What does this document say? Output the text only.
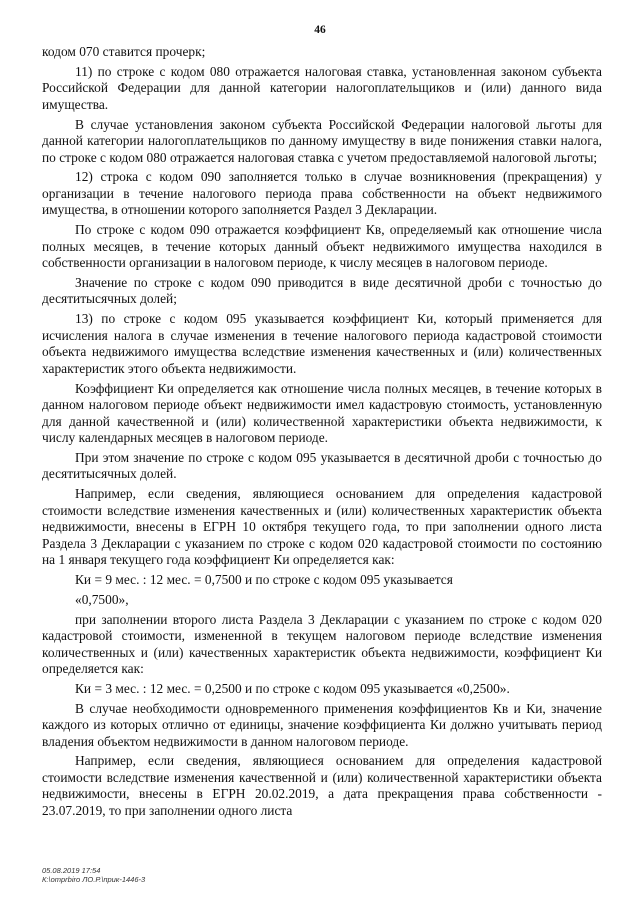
46

кодом 070 ставится прочерк;

11) по строке с кодом 080 отражается налоговая ставка, установленная законом субъекта Российской Федерации для данной категории налогоплательщиков и (или) данного вида имущества.

В случае установления законом субъекта Российской Федерации налоговой льготы для данной категории налогоплательщиков по данному имуществу в виде понижения ставки налога, по строке с кодом 080 отражается налоговая ставка с учетом предоставляемой налоговой льготы;

12) строка с кодом 090 заполняется только в случае возникновения (прекращения) у организации в течение налогового периода права собственности на объект недвижимого имущества, в отношении которого заполняется Раздел 3 Декларации.

По строке с кодом 090 отражается коэффициент Кв, определяемый как отношение числа полных месяцев, в течение которых данный объект недвижимого имущества находился в собственности организации в налоговом периоде, к числу месяцев в налоговом периоде.

Значение по строке с кодом 090 приводится в виде десятичной дроби с точностью до десятитысячных долей;

13) по строке с кодом 095 указывается коэффициент Ки, который применяется для исчисления налога в случае изменения в течение налогового периода кадастровой стоимости объекта недвижимого имущества вследствие изменения качественных и (или) количественных характеристик этого объекта недвижимости.

Коэффициент Ки определяется как отношение числа полных месяцев, в течение которых в данном налоговом периоде объект недвижимости имел кадастровую стоимость, установленную для данной качественной и (или) количественной характеристики объекта недвижимости, к числу календарных месяцев в налоговом периоде.

При этом значение по строке с кодом 095 указывается в десятичной дроби с точностью до десятитысячных долей.

Например, если сведения, являющиеся основанием для определения кадастровой стоимости вследствие изменения качественных и (или) количественных характеристик объекта недвижимости, внесены в ЕГРН 10 октября текущего года, то при заполнении одного листа Раздела 3 Декларации с указанием по строке с кодом 020 кадастровой стоимости по состоянию на 1 января текущего года коэффициент Ки определяется как:

Ки = 9 мес. : 12 мес. = 0,7500 и по строке с кодом 095 указывается

«0,7500»,

при заполнении второго листа Раздела 3 Декларации с указанием по строке с кодом 020 кадастровой стоимости, измененной в текущем налоговом периоде вследствие изменения количественных и (или) качественных характеристик объекта недвижимости, коэффициент Ки определяется как:

Ки = 3 мес. : 12 мес. = 0,2500 и по строке с кодом 095 указывается «0,2500».

В случае необходимости одновременного применения коэффициентов Кв и Ки, значение каждого из которых отлично от единицы, значение коэффициента Ки должно учитывать период владения объектом недвижимости в данном налоговом периоде.

Например, если сведения, являющиеся основанием для определения кадастровой стоимости вследствие изменения качественной и (или) количественной характеристики объекта недвижимости, внесены в ЕГРН 20.02.2019, а дата прекращения права собственности - 23.07.2019, то при заполнении одного листа

05.08.2019 17:54
К:\omprbiro ЛО.Р.\прик-1446-3
